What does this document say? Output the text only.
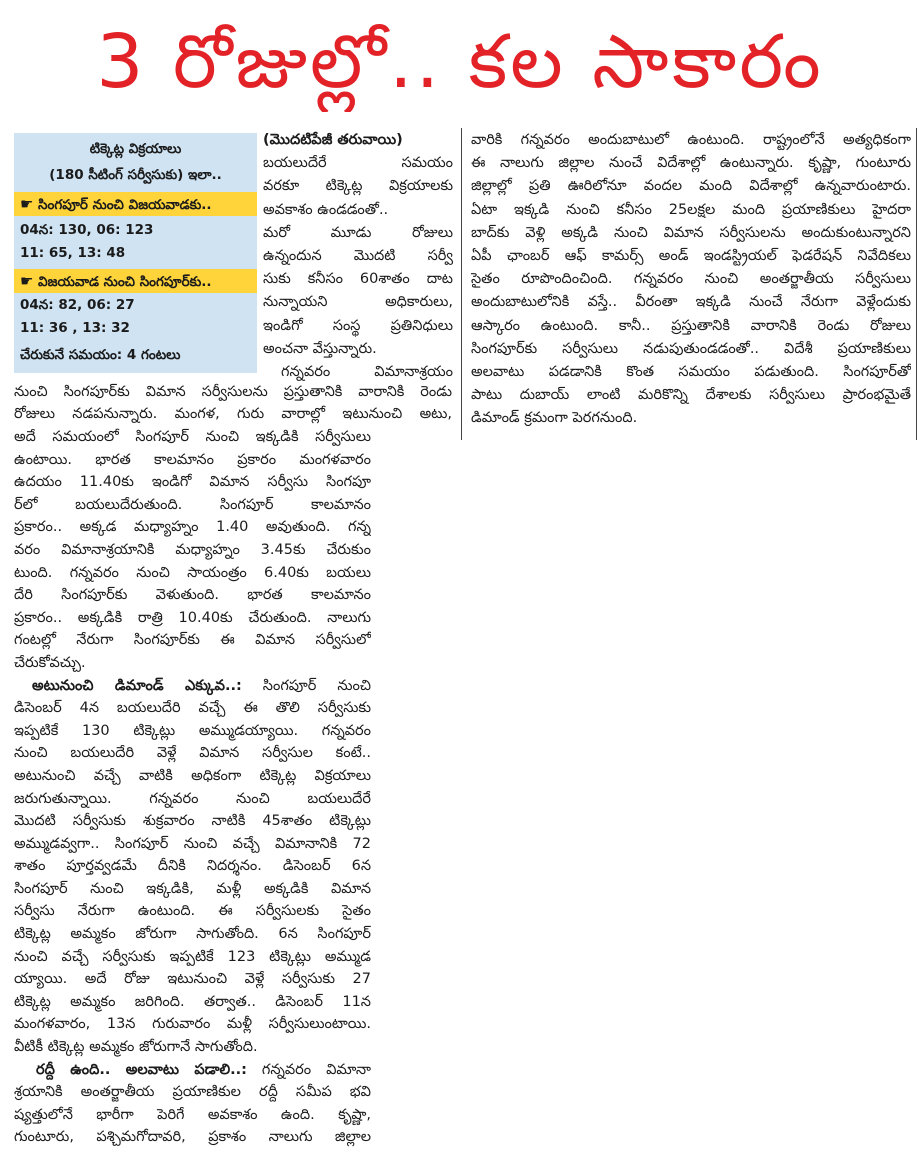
3 రోజుల్లో.. కల సాకారం
టిక్కెట్ల విక్రయాలు
(180 సీటింగ్ సర్వీసుకు) ఇలా..
☛ సింగపూర్ నుంచి విజయవాడకు..
04న: 130, 06: 123
11: 65, 13: 48
☛ విజయవాడ నుంచి సింగపూర్‌కు..
04న: 82, 06: 27
11: 36 , 13: 32
చేరుకునే సమయం: 4 గంటలు
(మొదటిపేజీ తరువాయి)
బయలుదేరే సమయం
వరకూ టిక్కెట్ల విక్రయాలకు
అవకాశం ఉండడంతో..
మరో మూడు రోజులు
ఉన్నందున మొదటి సర్వీ
సుకు కనీసం 60శాతం దాట
నున్నాయని అధికారులు,
ఇండిగో సంస్థ ప్రతినిధులు
అంచనా వేస్తున్నారు.
గన్నవరం విమానాశ్రయం
నుంచి సింగపూర్‌కు విమాన సర్వీసులను ప్రస్తుతానికి వారానికి రెండు
రోజులు నడపనున్నారు. మంగళ, గురు వారాల్లో ఇటునుంచి అటు,
అదే సమయంలో సింగపూర్ నుంచి ఇక్కడికి సర్వీసులు
ఉంటాయి. భారత కాలమానం ప్రకారం మంగళవారం
ఉదయం 11.40కు ఇండిగో విమాన సర్వీసు సింగపూ
ర్‌లో బయలుదేరుతుంది. సింగపూర్ కాలమానం
ప్రకారం.. అక్కడ మధ్యాహ్నం 1.40 అవుతుంది. గన్న
వరం విమానాశ్రయానికి మధ్యాహ్నం 3.45కు చేరుకుం
టుంది. గన్నవరం నుంచి సాయంత్రం 6.40కు బయలు
దేరి సింగపూర్‌కు వెళుతుంది. భారత కాలమానం
ప్రకారం.. అక్కడికి రాత్రి 10.40కు చేరుతుంది. నాలుగు
గంటల్లో నేరుగా సింగపూర్‌కు ఈ విమాన సర్వీసులో
చేరుకోవచ్చు.
అటునుంచి డిమాండ్ ఎక్కువ..: సింగపూర్ నుంచి
డిసెంబర్ 4న బయలుదేరి వచ్చే ఈ తొలి సర్వీసుకు
ఇప్పటికే 130 టిక్కెట్లు అమ్ముడయ్యాయి. గన్నవరం
నుంచి బయలుదేరి వెళ్లే విమాన సర్వీసుల కంటే..
అటునుంచి వచ్చే వాటికి అధికంగా టిక్కెట్ల విక్రయాలు
జరుగుతున్నాయి. గన్నవరం నుంచి బయలుదేరే
మొదటి సర్వీసుకు శుక్రవారం నాటికి 45శాతం టిక్కెట్లు
అమ్ముడవ్వగా.. సింగపూర్ నుంచి వచ్చే విమానానికి 72
శాతం పూర్తవ్వడమే దీనికి నిదర్శనం. డిసెంబర్ 6న
సింగపూర్ నుంచి ఇక్కడికి, మళ్లీ అక్కడికి విమాన
సర్వీసు నేరుగా ఉంటుంది. ఈ సర్వీసులకు సైతం
టిక్కెట్ల అమ్మకం జోరుగా సాగుతోంది. 6న సింగపూర్
నుంచి వచ్చే సర్వీసుకు ఇప్పటికే 123 టిక్కెట్లు అమ్ముడ
య్యాయి. అదే రోజు ఇటునుంచి వెళ్లే సర్వీసుకు 27
టిక్కెట్ల అమ్మకం జరిగింది. తర్వాత.. డిసెంబర్ 11న
మంగళవారం, 13న గురువారం మళ్లీ సర్వీసులుంటాయి.
వీటికీ టిక్కెట్ల అమ్మకం జోరుగానే సాగుతోంది.
రద్దీ ఉంది.. అలవాటు పడాలి..: గన్నవరం విమానా
శ్రయానికి అంతర్జాతీయ ప్రయాణికుల రద్దీ సమీప భవి
ష్యత్తులోనే భారీగా పెరిగే అవకాశం ఉంది. కృష్ణా,
గుంటూరు, పశ్చిమగోదావరి, ప్రకాశం నాలుగు జిల్లాల
వారికి గన్నవరం అందుబాటులో ఉంటుంది. రాష్ట్రంలోనే అత్యధికంగా
ఈ నాలుగు జిల్లాల నుంచే విదేశాల్లో ఉంటున్నారు. కృష్ణా, గుంటూరు
జిల్లాల్లో ప్రతి ఊరిలోనూ వందల మంది విదేశాల్లో ఉన్నవారుంటారు.
ఏటా ఇక్కడి నుంచి కనీసం 25లక్షల మంది ప్రయాణికులు హైదరా
బాద్‌కు వెళ్లి అక్కడి నుంచి విమాన సర్వీసులను అందుకుంటున్నారని
ఏపీ ఛాంబర్ ఆఫ్ కామర్స్ అండ్ ఇండస్ట్రియల్ ఫెడరేషన్ నివేదికలు
సైతం రూపొందించింది. గన్నవరం నుంచి అంతర్జాతీయ సర్వీసులు
అందుబాటులోనికి వస్తే.. వీరంతా ఇక్కడి నుంచే నేరుగా వెళ్లేందుకు
ఆస్కారం ఉంటుంది. కానీ.. ప్రస్తుతానికి వారానికి రెండు రోజులు
సింగపూర్‌కు సర్వీసులు నడుపుతుండడంతో.. విదేశీ ప్రయాణికులు
అలవాటు పడడానికి కొంత సమయం పడుతుంది. సింగపూర్‌తో
పాటు దుబాయ్ లాంటి మరికొన్ని దేశాలకు సర్వీసులు ప్రారంభమైతే
డిమాండ్ క్రమంగా పెరగనుంది.
